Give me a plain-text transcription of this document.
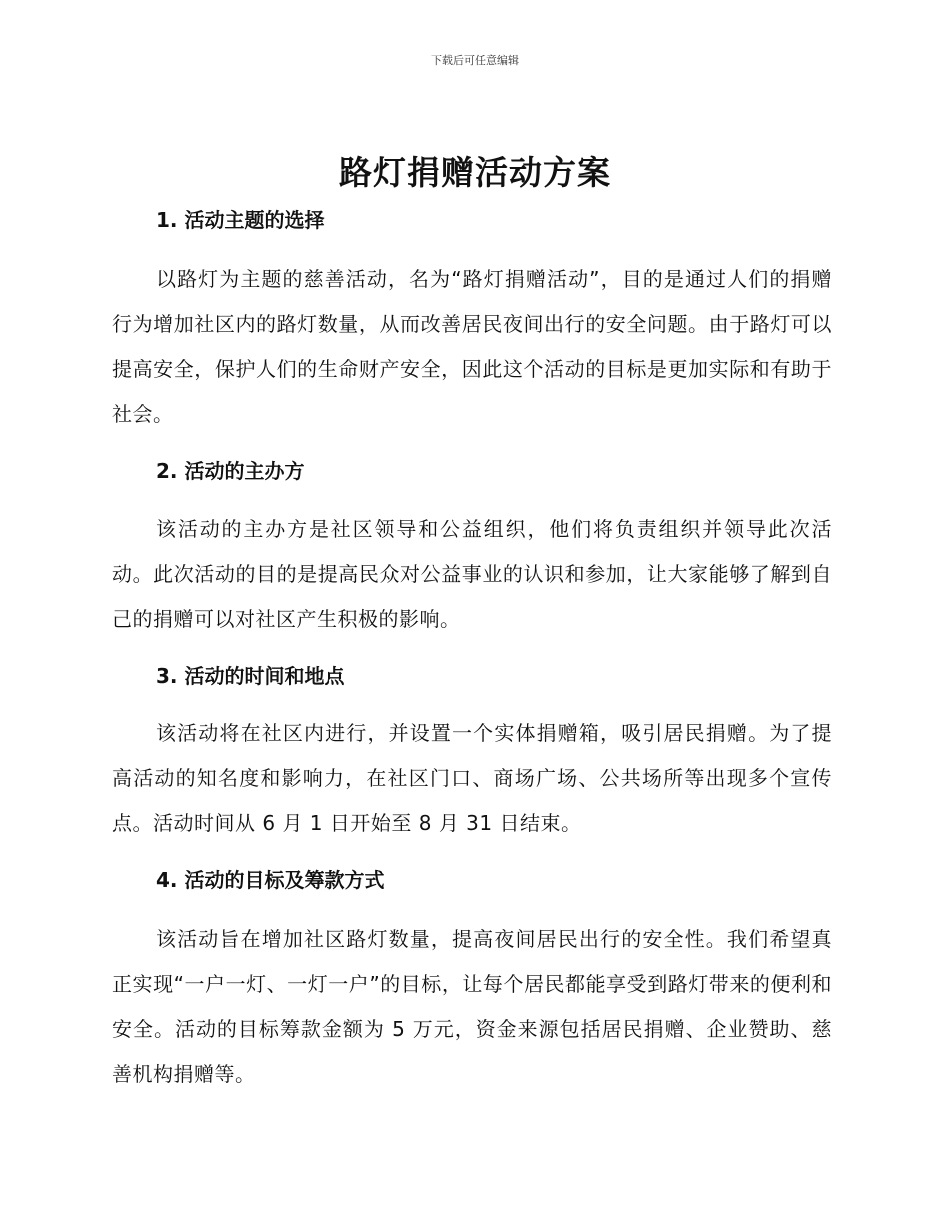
下载后可任意编辑
路灯捐赠活动方案
1. 活动主题的选择

以路灯为主题的慈善活动，名为“路灯捐赠活动”，目的是通过人们的捐赠行为增加社区内的路灯数量，从而改善居民夜间出行的安全问题。由于路灯可以提高安全，保护人们的生命财产安全，因此这个活动的目标是更加实际和有助于社会。

2. 活动的主办方

该活动的主办方是社区领导和公益组织，他们将负责组织并领导此次活动。此次活动的目的是提高民众对公益事业的认识和参加，让大家能够了解到自己的捐赠可以对社区产生积极的影响。

3. 活动的时间和地点

该活动将在社区内进行，并设置一个实体捐赠箱，吸引居民捐赠。为了提高活动的知名度和影响力，在社区门口、商场广场、公共场所等出现多个宣传点。活动时间从 6 月 1 日开始至 8 月 31 日结束。

4. 活动的目标及筹款方式

该活动旨在增加社区路灯数量，提高夜间居民出行的安全性。我们希望真正实现“一户一灯、一灯一户”的目标，让每个居民都能享受到路灯带来的便利和安全。活动的目标筹款金额为 5 万元，资金来源包括居民捐赠、企业赞助、慈善机构捐赠等。
